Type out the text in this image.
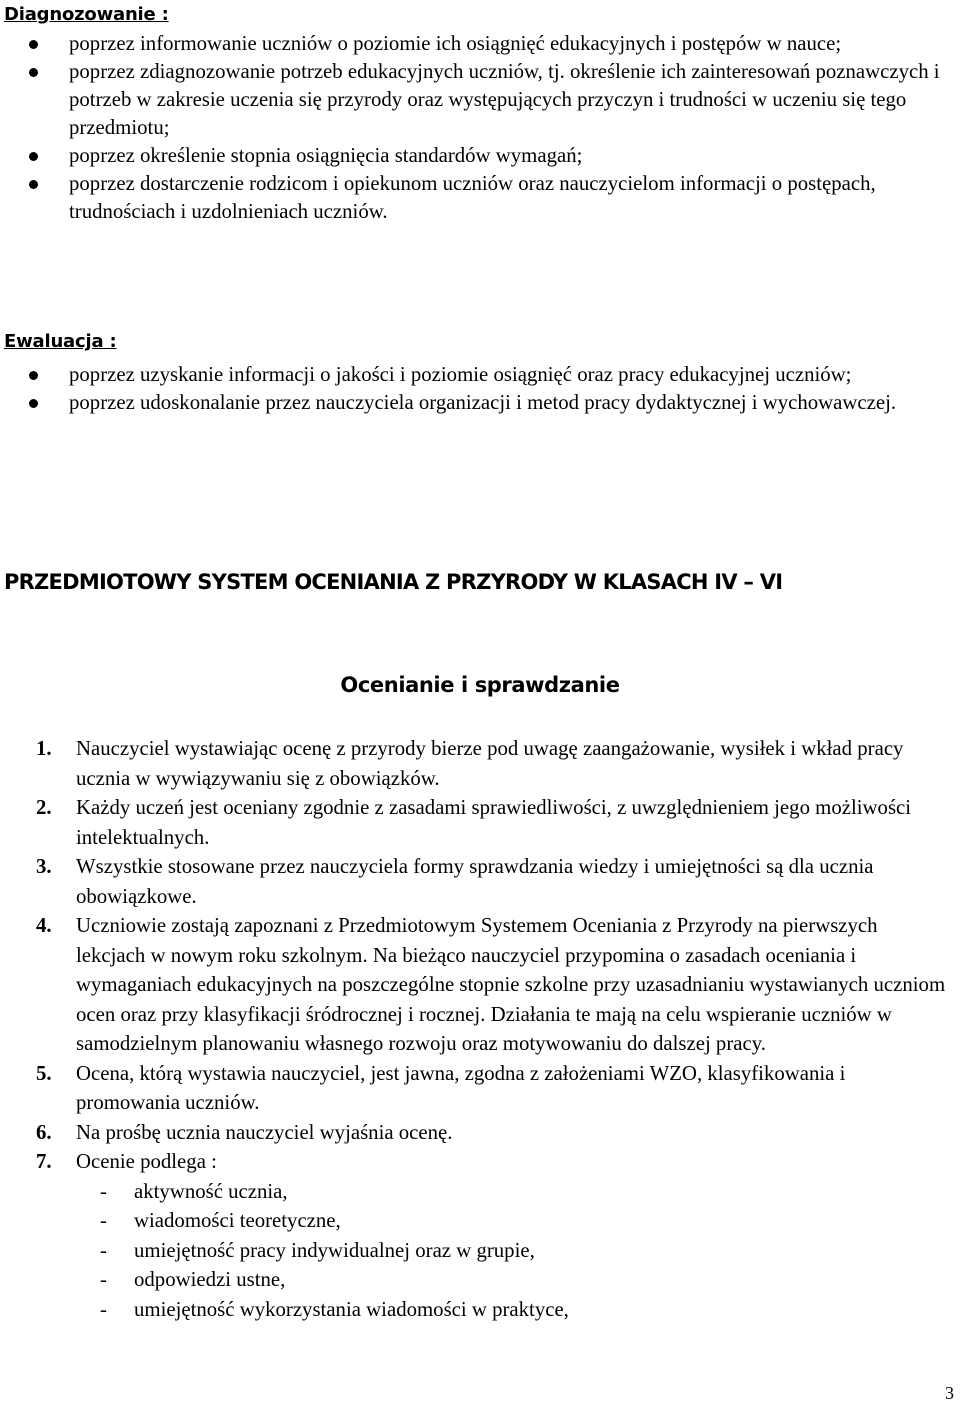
Diagnozowanie :
poprzez informowanie uczniów o poziomie ich osiągnięć edukacyjnych i postępów w nauce;
poprzez zdiagnozowanie potrzeb edukacyjnych uczniów, tj. określenie ich zainteresowań poznawczych i potrzeb w zakresie uczenia się przyrody oraz występujących przyczyn i trudności w uczeniu się tego przedmiotu;
poprzez określenie stopnia osiągnięcia standardów wymagań;
poprzez dostarczenie rodzicom i opiekunom uczniów oraz nauczycielom informacji o postępach, trudnościach i uzdolnieniach uczniów.
Ewaluacja :
poprzez uzyskanie informacji o jakości i poziomie osiągnięć oraz pracy edukacyjnej uczniów;
poprzez udoskonalanie przez nauczyciela organizacji i metod pracy dydaktycznej i wychowawczej.
PRZEDMIOTOWY SYSTEM OCENIANIA Z PRZYRODY W KLASACH IV – VI
Ocenianie i sprawdzanie
1. Nauczyciel wystawiając ocenę z przyrody bierze pod uwagę zaangażowanie, wysiłek i wkład pracy ucznia w wywiązywaniu się z obowiązków.
2. Każdy uczeń jest oceniany zgodnie z zasadami sprawiedliwości, z uwzględnieniem jego możliwości intelektualnych.
3. Wszystkie stosowane przez nauczyciela formy sprawdzania wiedzy i umiejętności są dla ucznia obowiązkowe.
4. Uczniowie zostają zapoznani z Przedmiotowym Systemem Oceniania z Przyrody na pierwszych lekcjach w nowym roku szkolnym. Na bieżąco nauczyciel przypomina o zasadach oceniania i wymaganiach edukacyjnych na poszczególne stopnie szkolne przy uzasadnianiu wystawianych uczniom ocen oraz przy klasyfikacji śródrocznej i rocznej. Działania te mają na celu wspieranie uczniów w samodzielnym planowaniu własnego rozwoju oraz motywowaniu do dalszej pracy.
5. Ocena, którą wystawia nauczyciel, jest jawna, zgodna z założeniami WZO, klasyfikowania i promowania uczniów.
6. Na prośbę ucznia nauczyciel wyjaśnia ocenę.
7. Ocenie podlega :
- aktywność ucznia,
- wiadomości teoretyczne,
- umiejętność pracy indywidualnej oraz w grupie,
- odpowiedzi ustne,
- umiejętność wykorzystania wiadomości w praktyce,
3
